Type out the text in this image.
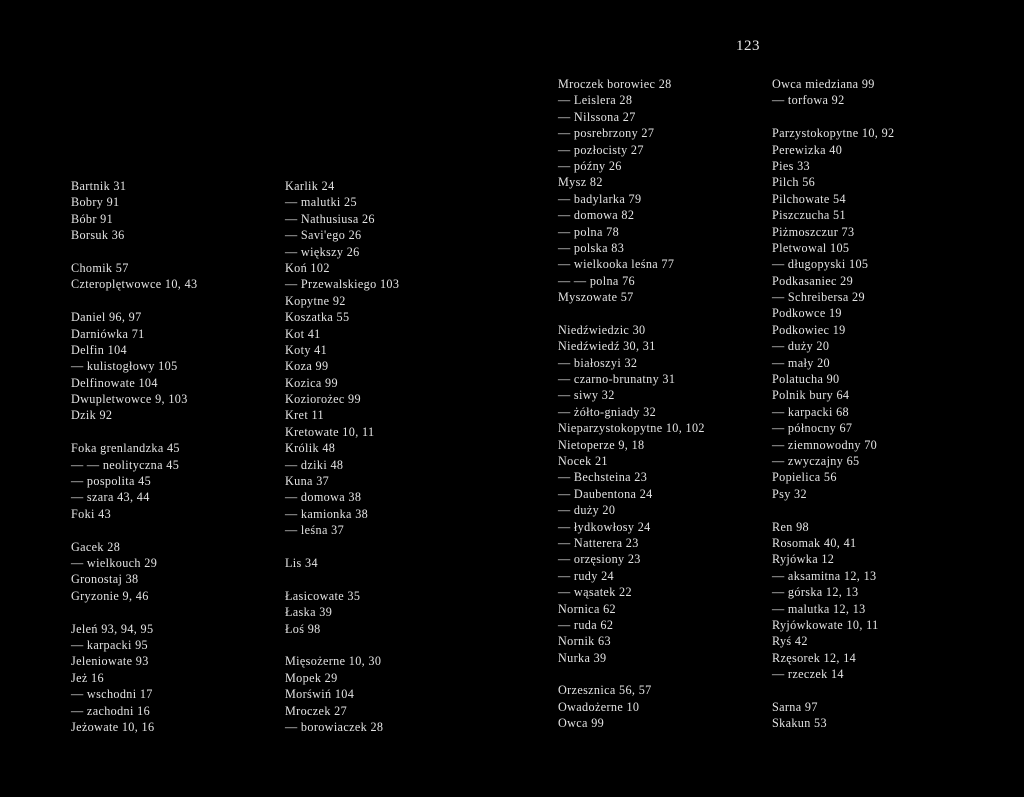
123
Bartnik 31
Bobry 91
Bóbr 91
Borsuk 36
Chomik 57
Czteroplętwowce 10, 43
Daniel 96, 97
Darniówka 71
Delfin 104
— kulistogłowy 105
Delfinowate 104
Dwupletwowce 9, 103
Dzik 92
Foka grenlandzka 45
— — neolityczna 45
— pospolita 45
— szara 43, 44
Foki 43
Gacek 28
— wielkouch 29
Gronostaj 38
Gryzonie 9, 46
Jeleń 93, 94, 95
— karpacki 95
Jeleniowate 93
Jeż 16
— wschodni 17
— zachodni 16
Jeżowate 10, 16
Karlik 24
— malutki 25
— Nathusiusa 26
— Savi'ego 26
— większy 26
Koń 102
— Przewalskiego 103
Kopytne 92
Koszatka 55
Kot 41
Koty 41
Koza 99
Kozica 99
Koziorożec 99
Kret 11
Kretowate 10, 11
Królik 48
— dziki 48
Kuna 37
— domowa 38
— kamionka 38
— leśna 37
Lis 34
Łasicowate 35
Łaska 39
Łoś 98
Mięsożerne 10, 30
Mopek 29
Morświń 104
Mroczek 27
— borowiaczek 28
Mroczek borowiec 28
— Leislera 28
— Nilssona 27
— posrebrzony 27
— pozłocisty 27
— późny 26
Mysz 82
— badylarka 79
— domowa 82
— polna 78
— polska 83
— wielkooka leśna 77
— — polna 76
Myszowate 57
Niedźwiedzic 30
Niedźwiedź 30, 31
— białoszyi 32
— czarno-brunatny 31
— siwy 32
— żółto-gniady 32
Nieparzystokopytne 10, 102
Nietoperze 9, 18
Nocek 21
— Bechsteina 23
— Daubentona 24
— duży 20
— łydkowłosy 24
— Natterera 23
— orzęsiony 23
— rudy 24
— wąsatek 22
Nornica 62
— ruda 62
Nornik 63
Nurka 39
Orzesznica 56, 57
Owadożerne 10
Owca 99
Owca miedziana 99
— torfowa 92
Parzystokopytne 10, 92
Perewizka 40
Pies 33
Pilch 56
Pilchowate 54
Piszczucha 51
Piżmoszczur 73
Pletwowal 105
— długopyski 105
Podkasaniec 29
— Schreibersa 29
Podkowce 19
Podkowiec 19
— duży 20
— mały 20
Polatucha 90
Polnik bury 64
— karpacki 68
— północny 67
— ziemnowodny 70
— zwyczajny 65
Popielica 56
Psy 32
Ren 98
Rosomak 40, 41
Ryjówka 12
— aksamitna 12, 13
— górska 12, 13
— malutka 12, 13
Ryjówkowate 10, 11
Ryś 42
Rzęsorek 12, 14
— rzeczek 14
Sarna 97
Skakun 53
